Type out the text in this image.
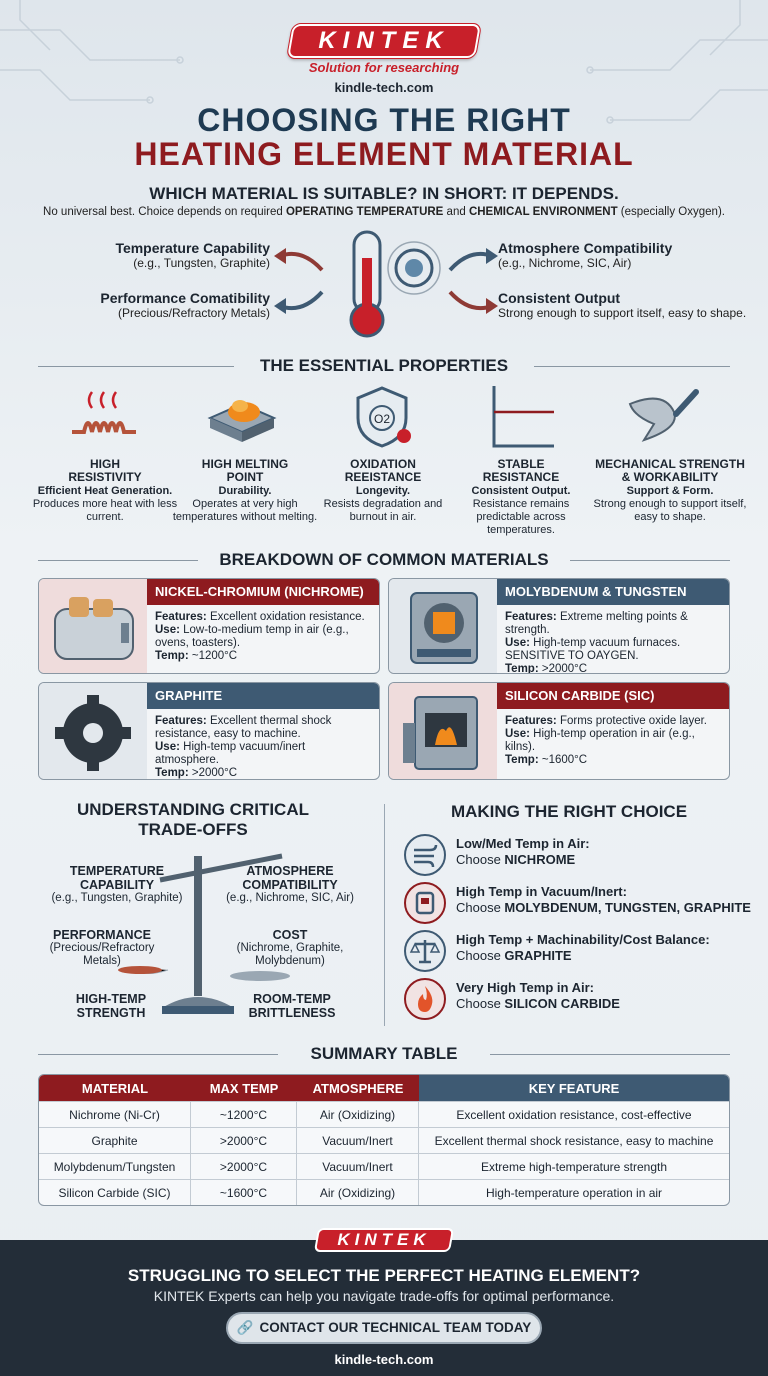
KINTEK
Solution for researching
kindle-tech.com
CHOOSING THE RIGHT
HEATING ELEMENT MATERIAL
WHICH MATERIAL IS SUITABLE? IN SHORT: IT DEPENDS.
No universal best. Choice depends on required OPERATING TEMPERATURE and CHEMICAL ENVIRONMENT (especially Oxygen).
Temperature Capability
(e.g., Tungsten, Graphite)
Performance Comatibility
(Precious/Refractory Metals)
Atmosphere Compatibility
(e.g., Nichrome, SIC, Air)
Consistent Output
Strong enough to support itself, easy to shape.
THE ESSENTIAL PROPERTIES
O2
HIGH
RESISTIVITY
Efficient Heat Generation.
Produces more heat with less current.
HIGH MELTING
POINT
Durability.
Operates at very high temperatures without melting.
OXIDATION
REEISTANCE
Longevity.
Resists degradation and burnout in air.
STABLE
RESISTANCE
Consistent Output.
Resistance remains predictable across temperatures.
MECHANICAL STRENGTH
& WORKABILITY
Support & Form.
Strong enough to support itself, easy to shape.
BREAKDOWN OF COMMON MATERIALS
NICKEL-CHROMIUM (NICHROME)
Features: Excellent oxidation resistance.
Use: Low-to-medium temp in air (e.g., ovens, toasters).
Temp: ~1200°C
MOLYBDENUM & TUNGSTEN
Features: Extreme melting points & strength.
Use: High-temp vacuum furnaces. SENSITIVE TO OAYGEN.
Temp: >2000°C
GRAPHITE
Features: Excellent thermal shock resistance, easy to machine.
Use: High-temp vacuum/inert atmosphere.
Temp: >2000°C
SILICON CARBIDE (SIC)
Features: Forms protective oxide layer.
Use: High-temp operation in air (e.g., kilns).
Temp: ~1600°C
UNDERSTANDING CRITICAL
TRADE-OFFS
TEMPERATURE
CAPABILITY
(e.g., Tungsten, Graphite)
ATMOSPHERE
COMPATIBILITY
(e.g., Nichrome, SIC, Air)
PERFORMANCE
(Precious/Refractory
Metals)
COST
(Nichrome, Graphite,
Molybdenum)
HIGH-TEMP
STRENGTH
ROOM-TEMP
BRITTLENESS
MAKING THE RIGHT CHOICE
Low/Med Temp in Air:
Choose NICHROME
High Temp in Vacuum/Inert:
Choose MOLYBDENUM, TUNGSTEN, GRAPHITE
High Temp + Machinability/Cost Balance:
Choose GRAPHITE
Very High Temp in Air:
Choose SILICON CARBIDE
SUMMARY TABLE
MATERIAL	MAX TEMP	ATMOSPHERE	KEY FEATURE
Nichrome (Ni-Cr)	~1200°C	Air (Oxidizing)	Excellent oxidation resistance, cost-effective
Graphite	>2000°C	Vacuum/Inert	Excellent thermal shock resistance, easy to machine
Molybdenum/Tungsten	>2000°C	Vacuum/Inert	Extreme high-temperature strength
Silicon Carbide (SIC)	~1600°C	Air (Oxidizing)	High-temperature operation in air
KINTEK
STRUGGLING TO SELECT THE PERFECT HEATING ELEMENT?
KINTEK Experts can help you navigate trade-offs for optimal performance.
🔗 CONTACT OUR TECHNICAL TEAM TODAY
kindle-tech.com
